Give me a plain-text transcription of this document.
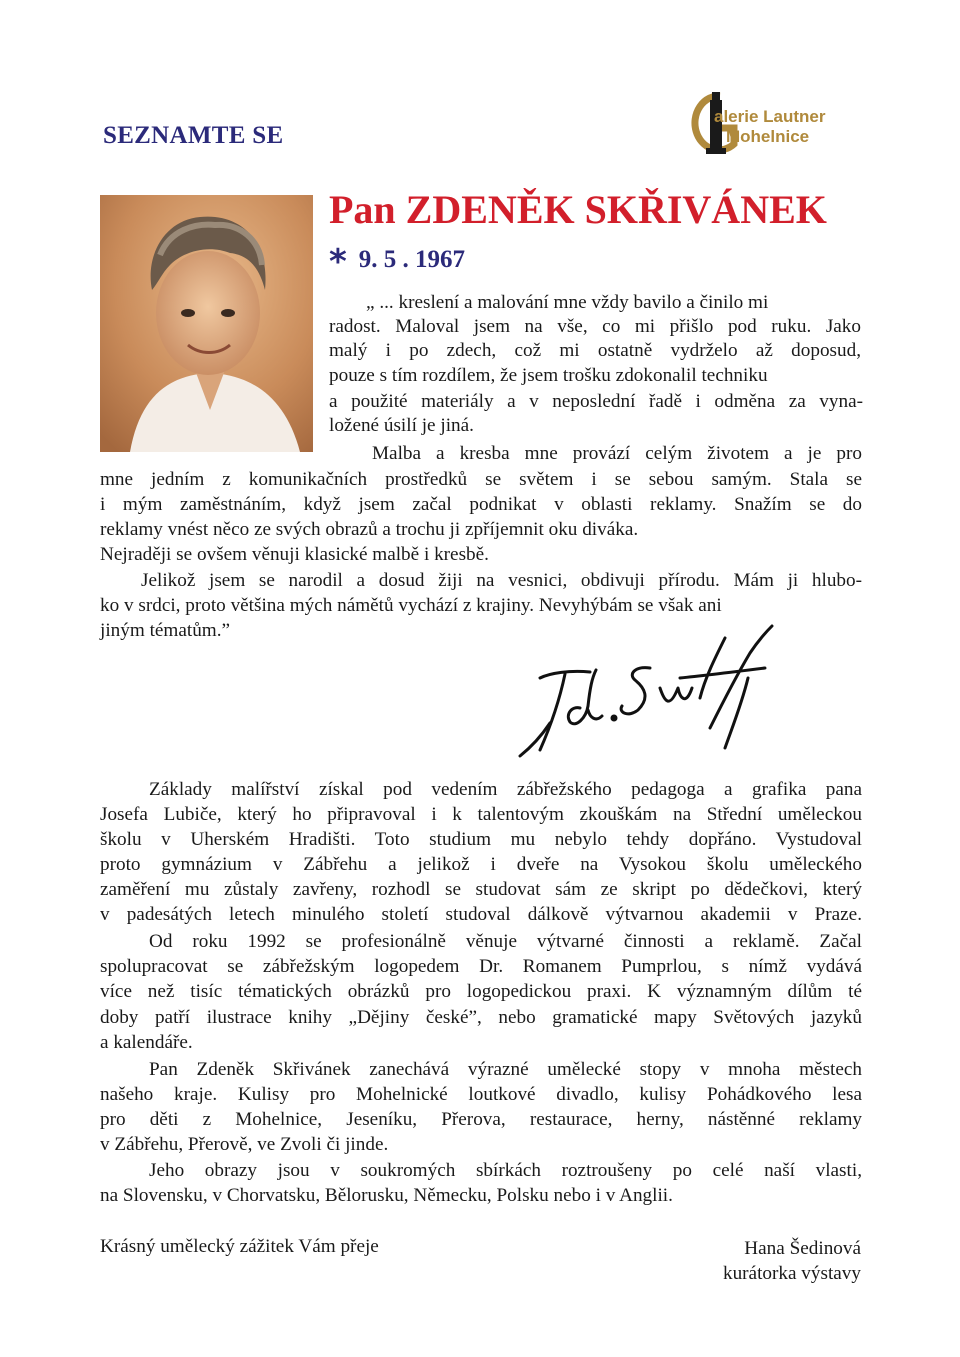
SEZNAMTE SE
alerie Lautner
Mohelnice
Pan ZDENĚK SKŘIVÁNEK
* 9. 5 . 1967
„ ... kreslení a malování mne vždy bavilo a činilo mi
radost. Maloval jsem na vše, co mi přišlo pod ruku. Jako
malý i po zdech, což mi ostatně vydrželo až doposud,
pouze s tím rozdílem, že jsem trošku zdokonalil techniku
a použité materiály a v neposlední řadě i odměna za vyna-
ložené úsilí je jiná.
Malba a kresba mne provází celým životem a je pro
mne jedním z komunikačních prostředků se světem i se sebou samým. Stala se
i mým zaměstnáním, když jsem začal podnikat v oblasti reklamy. Snažím se do
reklamy vnést něco ze svých obrazů a trochu ji zpříjemnit oku diváka.
Nejraději se ovšem věnuji klasické malbě i kresbě.
Jelikož jsem se narodil a dosud žiji na vesnici, obdivuji přírodu. Mám ji hlubo-
ko v srdci, proto většina mých námětů vychází z krajiny. Nevyhýbám se však ani
jiným tématům.”
Základy malířství získal pod vedením zábřežského pedagoga a grafika pana
Josefa Lubiče, který ho připravoval i k talentovým zkouškám na Střední uměleckou
školu v Uherském Hradišti. Toto studium mu nebylo tehdy dopřáno. Vystudoval
proto gymnázium v Zábřehu a jelikož i dveře na Vysokou školu uměleckého
zaměření mu zůstaly zavřeny, rozhodl se studovat sám ze skript po dědečkovi, který
v padesátých letech minulého století studoval dálkově výtvarnou akademii v Praze.
Od roku 1992 se profesionálně věnuje výtvarné činnosti a reklamě. Začal
spolupracovat se zábřežským logopedem Dr. Romanem Pumprlou, s nímž vydává
více než tisíc tématických obrázků pro logopedickou praxi. K významným dílům té
doby patří ilustrace knihy „Dějiny české”, nebo gramatické mapy Světových jazyků
a kalendáře.
Pan Zdeněk Skřivánek zanechává výrazné umělecké stopy v mnoha městech
našeho kraje. Kulisy pro Mohelnické loutkové divadlo, kulisy Pohádkového lesa
pro děti z Mohelnice, Jeseníku, Přerova, restaurace, herny, nástěnné reklamy
v Zábřehu, Přerově, ve Zvoli či jinde.
Jeho obrazy jsou v soukromých sbírkách roztroušeny po celé naší vlasti,
na Slovensku, v Chorvatsku, Bělorusku, Německu, Polsku nebo i v Anglii.
Krásný umělecký zážitek Vám přeje	Hana Šedinová
kurátorka výstavy
